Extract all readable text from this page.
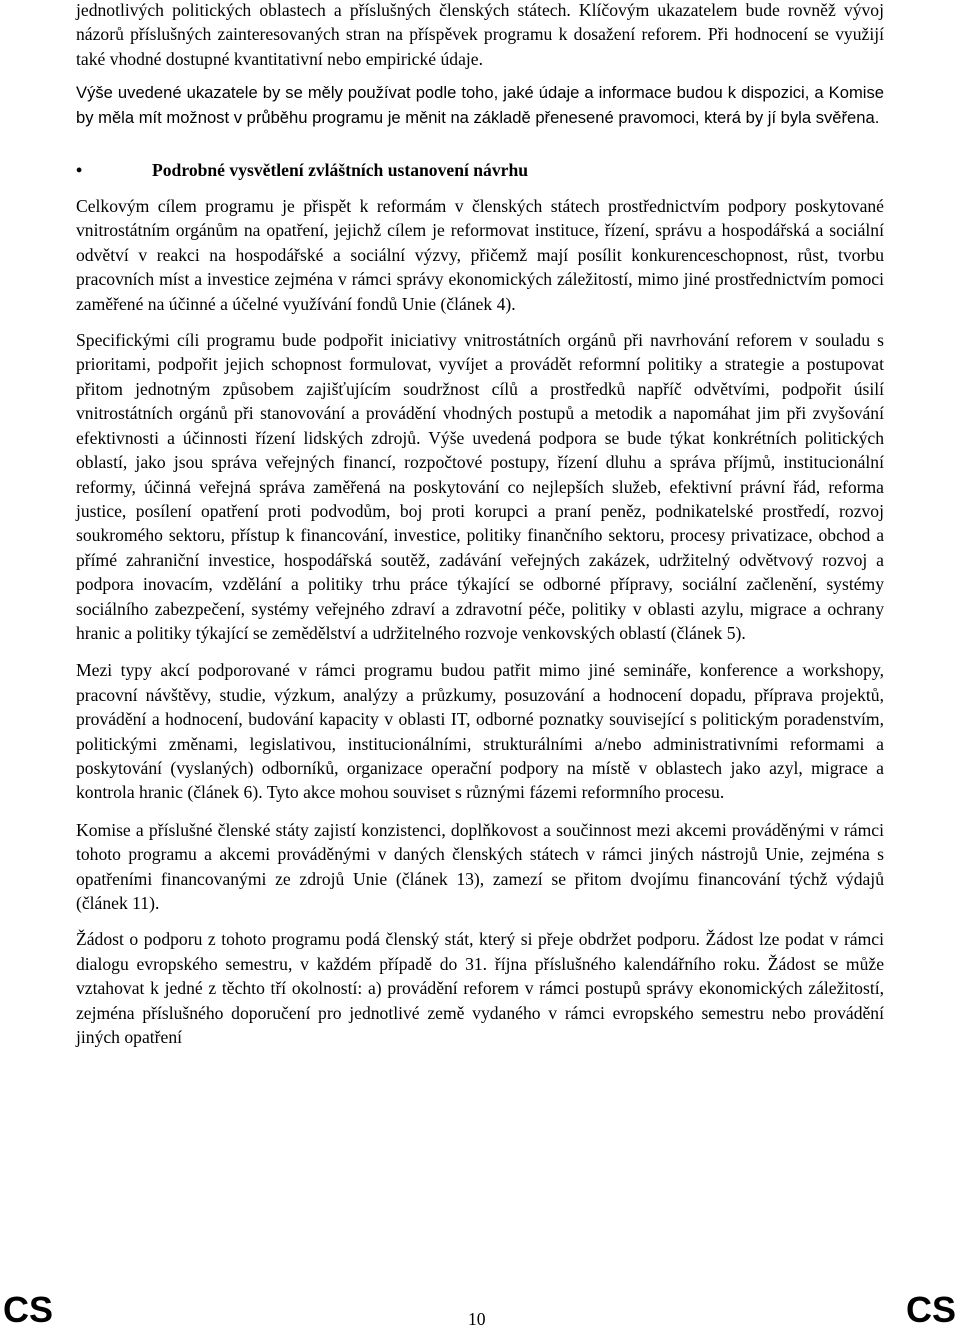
jednotlivých politických oblastech a příslušných členských státech. Klíčovým ukazatelem bude rovněž vývoj názorů příslušných zainteresovaných stran na příspěvek programu k dosažení reforem. Při hodnocení se využijí také vhodné dostupné kvantitativní nebo empirické údaje.

Výše uvedené ukazatele by se měly používat podle toho, jaké údaje a informace budou k dispozici, a Komise by měla mít možnost v průběhu programu je měnit na základě přenesené pravomoci, která by jí byla svěřena.

•	Podrobné vysvětlení zvláštních ustanovení návrhu

Celkovým cílem programu je přispět k reformám v členských státech prostřednictvím podpory poskytované vnitrostátním orgánům na opatření, jejichž cílem je reformovat instituce, řízení, správu a hospodářská a sociální odvětví v reakci na hospodářské a sociální výzvy, přičemž mají posílit konkurenceschopnost, růst, tvorbu pracovních míst a investice zejména v rámci správy ekonomických záležitostí, mimo jiné prostřednictvím pomoci zaměřené na účinné a účelné využívání fondů Unie (článek 4).

Specifickými cíli programu bude podpořit iniciativy vnitrostátních orgánů při navrhování reforem v souladu s prioritami, podpořit jejich schopnost formulovat, vyvíjet a provádět reformní politiky a strategie a postupovat přitom jednotným způsobem zajišťujícím soudržnost cílů a prostředků napříč odvětvími, podpořit úsilí vnitrostátních orgánů při stanovování a provádění vhodných postupů a metodik a napomáhat jim při zvyšování efektivnosti a účinnosti řízení lidských zdrojů. Výše uvedená podpora se bude týkat konkrétních politických oblastí, jako jsou správa veřejných financí, rozpočtové postupy, řízení dluhu a správa příjmů, institucionální reformy, účinná veřejná správa zaměřená na poskytování co nejlepších služeb, efektivní právní řád, reforma justice, posílení opatření proti podvodům, boj proti korupci a praní peněz, podnikatelské prostředí, rozvoj soukromého sektoru, přístup k financování, investice, politiky finančního sektoru, procesy privatizace, obchod a přímé zahraniční investice, hospodářská soutěž, zadávání veřejných zakázek, udržitelný odvětvový rozvoj a podpora inovacím, vzdělání a politiky trhu práce týkající se odborné přípravy, sociální začlenění, systémy sociálního zabezpečení, systémy veřejného zdraví a zdravotní péče, politiky v oblasti azylu, migrace a ochrany hranic a politiky týkající se zemědělství a udržitelného rozvoje venkovských oblastí (článek 5).

Mezi typy akcí podporované v rámci programu budou patřit mimo jiné semináře, konference a workshopy, pracovní návštěvy, studie, výzkum, analýzy a průzkumy, posuzování a hodnocení dopadu, příprava projektů, provádění a hodnocení, budování kapacity v oblasti IT, odborné poznatky související s politickým poradenstvím, politickými změnami, legislativou, institucionálními, strukturálními a/nebo administrativními reformami a poskytování (vyslaných) odborníků, organizace operační podpory na místě v oblastech jako azyl, migrace a kontrola hranic (článek 6). Tyto akce mohou souviset s různými fázemi reformního procesu.

Komise a příslušné členské státy zajistí konzistenci, doplňkovost a součinnost mezi akcemi prováděnými v rámci tohoto programu a akcemi prováděnými v daných členských státech v rámci jiných nástrojů Unie, zejména s opatřeními financovanými ze zdrojů Unie (článek 13), zamezí se přitom dvojímu financování týchž výdajů (článek 11).

Žádost o podporu z tohoto programu podá členský stát, který si přeje obdržet podporu. Žádost lze podat v rámci dialogu evropského semestru, v každém případě do 31. října příslušného kalendářního roku. Žádost se může vztahovat k jedné z těchto tří okolností: a) provádění reforem v rámci postupů správy ekonomických záležitostí, zejména příslušného doporučení pro jednotlivé země vydaného v rámci evropského semestru nebo provádění jiných opatření

CS	10	CS
